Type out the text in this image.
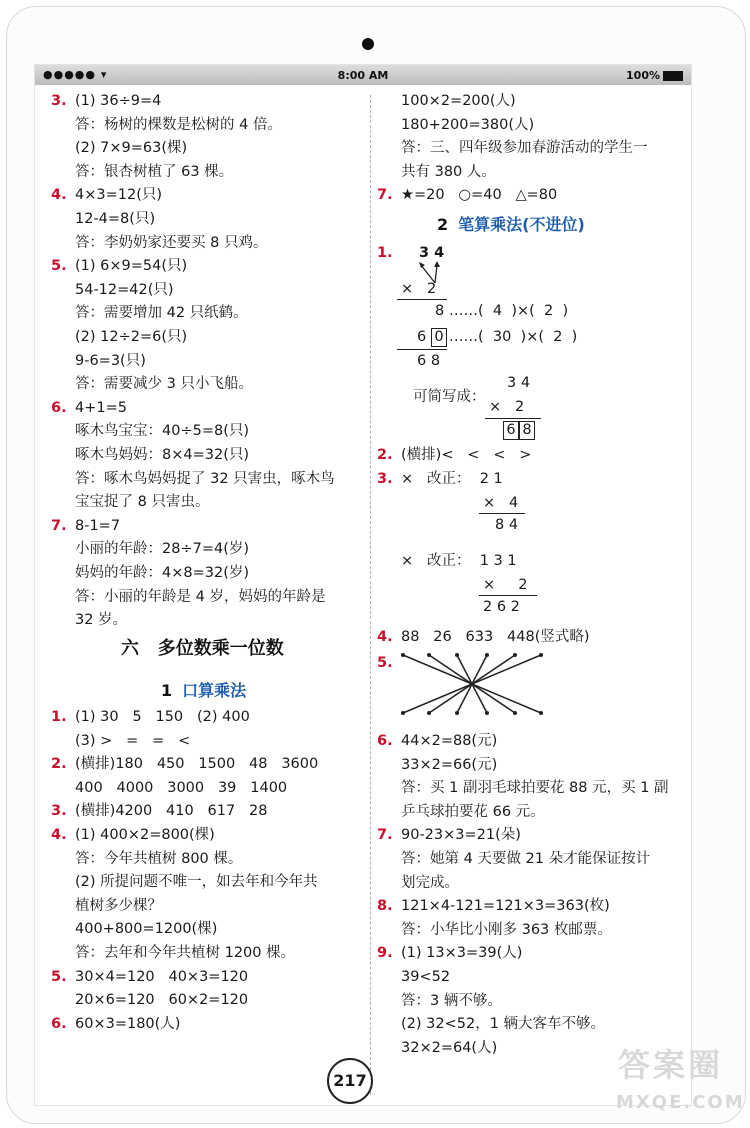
●●●●● ▾	8:00 AM	100%
3. (1) 36÷9=4
答：杨树的棵数是松树的 4 倍。
(2) 7×9=63(棵)
答：银杏树植了 63 棵。
4. 4×3=12(只)
12-4=8(只)
答：李奶奶家还要买 8 只鸡。
5. (1) 6×9=54(只)
54-12=42(只)
答：需要增加 42 只纸鹤。
(2) 12÷2=6(只)
9-6=3(只)
答：需要减少 3 只小飞船。
6. 4+1=5
啄木鸟宝宝：40÷5=8(只)
啄木鸟妈妈：8×4=32(只)
答：啄木鸟妈妈捉了 32 只害虫，啄木鸟
宝宝捉了 8 只害虫。
7. 8-1=7
小丽的年龄：28÷7=4(岁)
妈妈的年龄：4×8=32(岁)
答：小丽的年龄是 4 岁，妈妈的年龄是
32 岁。
六   多位数乘一位数
1 口算乘法
1. (1) 30   5   150   (2) 400
(3) >   =   =   <
2. (横排)180   450   1500   48   3600
400   4000   3000   39   1400
3. (横排)4200   410   617   28
4. (1) 400×2=800(棵)
答：今年共植树 800 棵。
(2) 所提问题不唯一，如去年和今年共
植树多少棵？
400+800=1200(棵)
答：去年和今年共植树 1200 棵。
5. 30×4=120   40×3=120
20×6=120   60×2=120
6. 60×3=180(人)
100×2=200(人)
180+200=380(人)
答：三、四年级参加春游活动的学生一
共有 380 人。
7. ★=20   ○=40   △=80
2 笔算乘法(不进位)
1. 3 4
×   2
8 ……(  4  )×(  2  )
6 0 ……(  30  )×(  2  )
6 8
可简写成：
3 4
×   2
6 8
2. (横排)<   <   <   >
3. ×   改正：  2 1
×   4
8 4
×   改正：  1 3 1
×     2
2 6 2
4. 88   26   633   448(竖式略)
5.
6. 44×2=88(元)
33×2=66(元)
答：买 1 副羽毛球拍要花 88 元，买 1 副
乒乓球拍要花 66 元。
7. 90-23×3=21(朵)
答：她第 4 天要做 21 朵才能保证按计
划完成。
8. 121×4-121=121×3=363(枚)
答：小华比小刚多 363 枚邮票。
9. (1) 13×3=39(人)
39<52
答：3 辆不够。
(2) 32<52，1 辆大客车不够。
32×2=64(人)
217	答案圈
MXQE.COM
